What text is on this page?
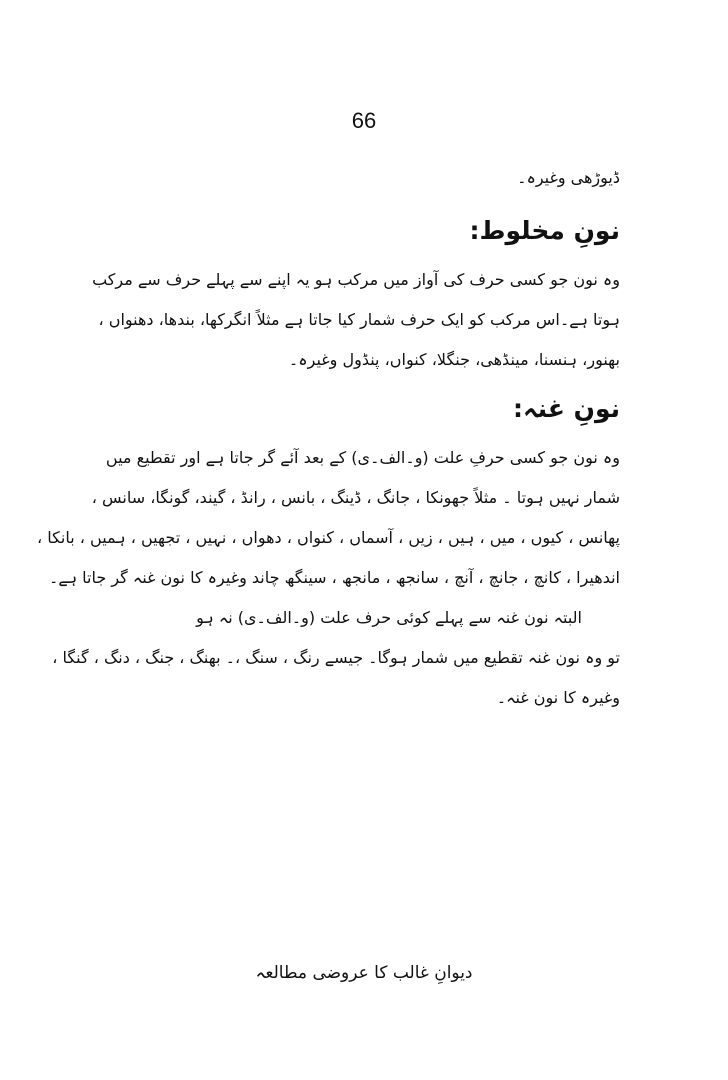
66

ڈیوڑھی وغیرہ۔

نونِ مخلوط:

وہ نون جو کسی حرف کی آواز میں مرکب ہو یہ اپنے سے پہلے حرف سے مرکب

ہوتا ہے۔اس مرکب کو ایک حرف شمار کیا جاتا ہے مثلاً انگرکھا، بندھا، دھنواں ،

بھنور، ہنسنا، مینڈھی، جنگلا، کنواں، پنڈول وغیرہ۔

نونِ غنہ:

وہ نون جو کسی حرفِ علت (و۔الف۔ی) کے بعد آئے گر جاتا ہے اور تقطیع میں

شمار نہیں ہوتا ۔ مثلاً جھونکا ، جانگ ، ڈینگ ، بانس ، رانڈ ، گیند، گونگا، سانس ،

پھانس ، کیوں ، میں ، ہیں ، زیں ، آسماں ، کنواں ، دھواں ، نہیں ، تجھیں ، ہمیں ، بانکا ،

اندھیرا ، کانچ ، جانچ ، آنچ ، سانجھ ، مانجھ ، سینگھ چاند وغیرہ کا نون غنہ گر جاتا ہے۔

البتہ نون غنہ سے پہلے کوئی حرف علت (و۔الف۔ی) نہ ہو

تو وہ نون غنہ تقطیع میں شمار ہوگا۔ جیسے رنگ ، سنگ ،۔ بھنگ ، جنگ ، دنگ ، گنگا ،

وغیرہ کا نون غنہ۔

دیوانِ غالب کا عروضی مطالعہ
